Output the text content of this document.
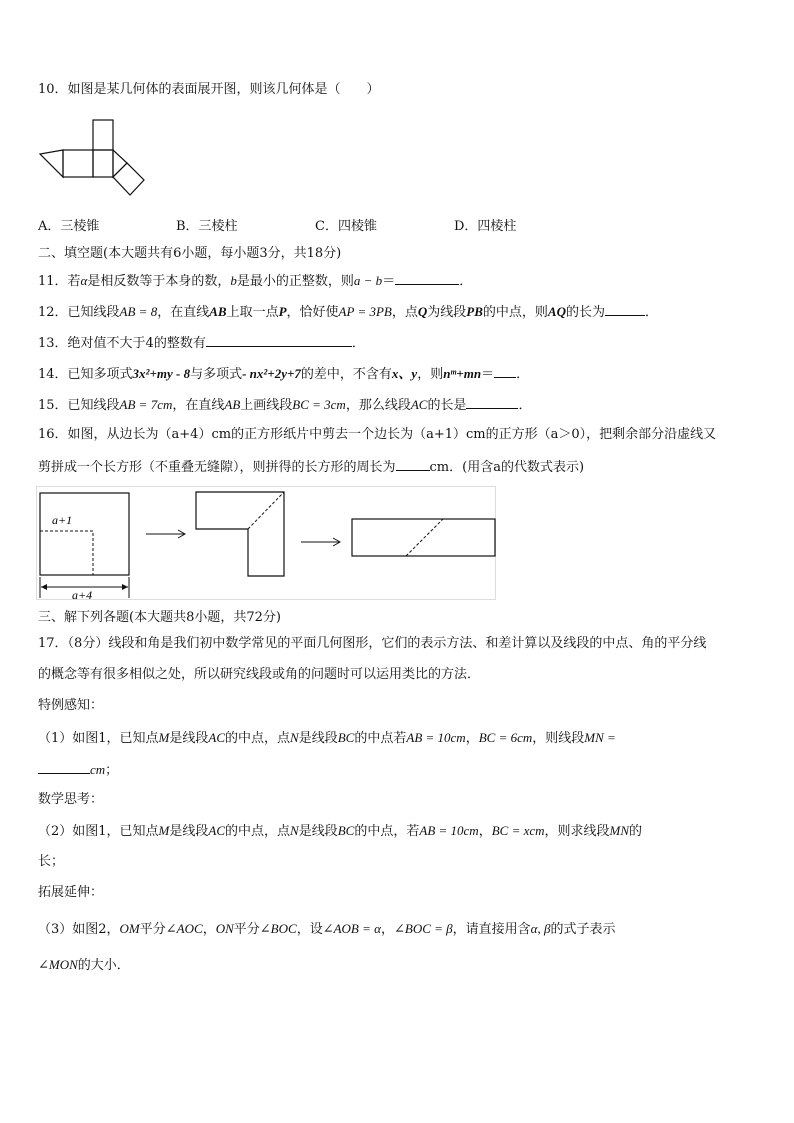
10．如图是某几何体的表面展开图，则该几何体是（　　）
A．三棱锥	B．三棱柱	C．四棱锥	D．四棱柱
二、填空题(本大题共有6小题，每小题3分，共18分)
11．若α是相反数等于本身的数，b是最小的正整数，则a − b＝	．
12．已知线段AB = 8，在直线AB上取一点P，恰好使AP = 3PB，点Q为线段PB的中点，则AQ的长为	．
13．绝对值不大于4的整数有	．
14．已知多项式3x²+my - 8与多项式- nx²+2y+7的差中，不含有x、y，则nᵐ+mn＝ ．
15．已知线段AB = 7cm，在直线AB上画线段BC = 3cm，那么线段AC的长是	．
16．如图，从边长为（a+4）cm的正方形纸片中剪去一个边长为（a+1）cm的正方形（a＞0），把剩余部分沿虚线又
剪拼成一个长方形（不重叠无缝隙），则拼得的长方形的周长为	cm．(用含a的代数式表示)
a+1
a+4
三、解下列各题(本大题共8小题，共72分)
17．（8分）线段和角是我们初中数学常见的平面几何图形，它们的表示方法、和差计算以及线段的中点、角的平分线
的概念等有很多相似之处，所以研究线段或角的问题时可以运用类比的方法．
特例感知：
（1）如图1，已知点M是线段AC的中点，点N是线段BC的中点若AB = 10cm，BC = 6cm，则线段MN =
cm；
数学思考：
（2）如图1，已知点M是线段AC的中点，点N是线段BC的中点，若AB = 10cm，BC = xcm，则求线段MN的
长；
拓展延伸：
（3）如图2，OM平分∠AOC，ON平分∠BOC，设∠AOB = α，∠BOC = β，请直接用含α, β的式子表示
∠MON的大小．
